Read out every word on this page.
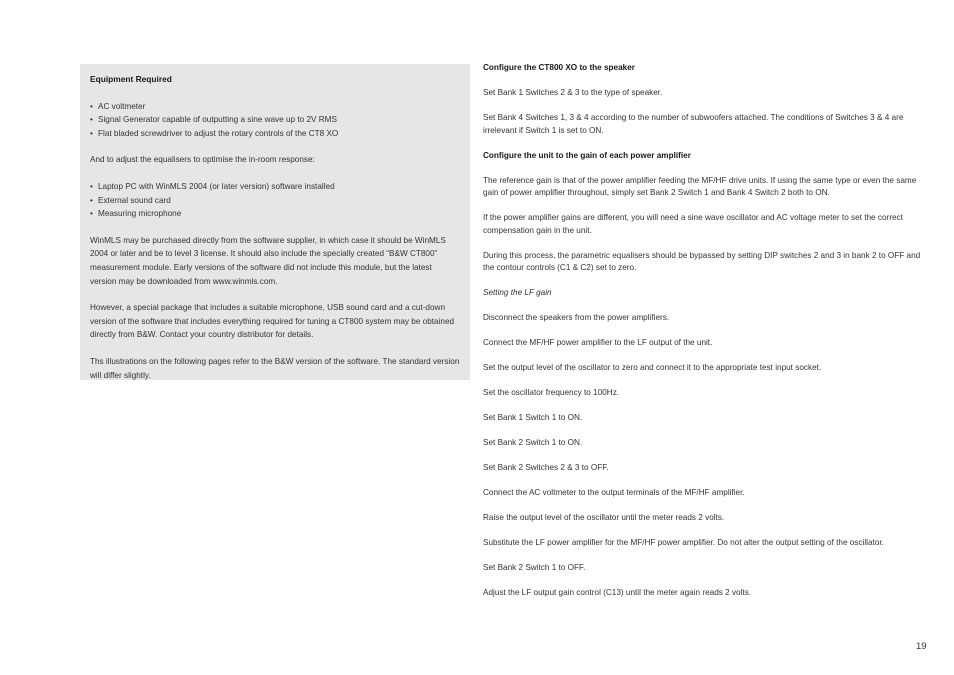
Equipment Required
• AC voltmeter
• Signal Generator capable of outputting a sine wave up to 2V RMS
• Flat bladed screwdriver to adjust the rotary controls of the CT8 XO

And to adjust the equalisers to optimise the in-room response:

• Laptop PC with WinMLS 2004 (or later version) software installed
• External sound card
• Measuring microphone

WinMLS may be purchased directly from the software supplier, in which case it should be WinMLS 2004 or later and be to level 3 license. It should also include the specially created “B&W CT800” measurement module. Early versions of the software did not include this module, but the latest version may be downloaded from www.winmls.com.

However, a special package that includes a suitable microphone, USB sound card and a cut-down version of the software that includes everything required for tuning a CT800 system may be obtained directly from B&W. Contact your country distributor for details.

Ths illustrations on the following pages refer to the B&W version of the software. The standard version will differ slightly.

Configure the CT800 XO to the speaker
Set Bank 1 Switches 2 & 3 to the type of speaker.
Set Bank 4 Switches 1, 3 & 4 according to the number of subwoofers attached. The conditions of Switches 3 & 4 are irrelevant if Switch 1 is set to ON.
Configure the unit to the gain of each power amplifier
The reference gain is that of the power amplifier feeding the MF/HF drive units. If using the same type or even the same gain of power amplifier throughout, simply set Bank 2 Switch 1 and Bank 4 Switch 2 both to ON.
If the power amplifier gains are different, you will need a sine wave oscillator and AC voltage meter to set the correct compensation gain in the unit.
During this process, the parametric equalisers should be bypassed by setting DIP switches 2 and 3 in bank 2 to OFF and the contour controls (C1 & C2) set to zero.
Setting the LF gain
Disconnect the speakers from the power amplifiers.
Connect the MF/HF power amplifier to the LF output of the unit.
Set the output level of the oscillator to zero and connect it to the appropriate test input socket.
Set the oscillator frequency to 100Hz.
Set Bank 1 Switch 1 to ON.
Set Bank 2 Switch 1 to ON.
Set Bank 2 Switches 2 & 3 to OFF.
Connect the AC voltmeter to the output terminals of the MF/HF amplifier.
Raise the output level of the oscillator until the meter reads 2 volts.
Substitute the LF power amplifier for the MF/HF power amplifier. Do not alter the output setting of the oscillator.
Set Bank 2 Switch 1 to OFF.
Adjust the LF output gain control (C13) until the meter again reads 2 volts.
19
